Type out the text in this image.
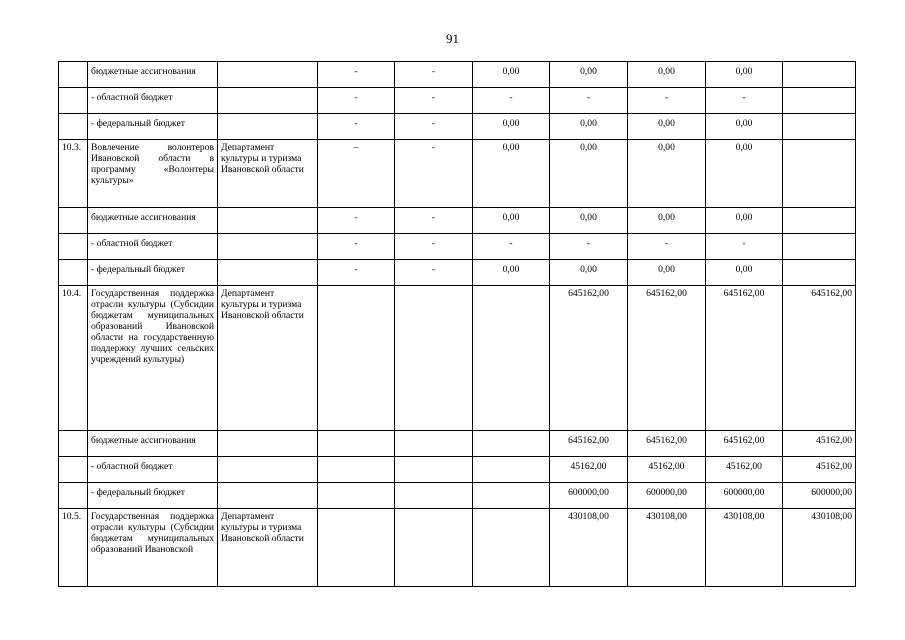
91
	бюджетные ассигнования		-	-	0,00	0,00	0,00	0,00	
	- областной бюджет		-	-	-	-	-	-	
	- федеральный бюджет		-	-	0,00	0,00	0,00	0,00	
10.3.	Вовлечение волонтеров Ивановской области в программу «Волонтеры культуры»	Департамент культуры и туризма Ивановской области	–	-	0,00	0,00	0,00	0,00	
	бюджетные ассигнования		-	-	0,00	0,00	0,00	0,00	
	- областной бюджет		-	-	-	-	-	-	
	- федеральный бюджет		-	-	0,00	0,00	0,00	0,00	
10.4.	Государственная поддержка отрасли культуры (Субсидии бюджетам муниципальных образований Ивановской области на государственную поддержку лучших сельских учреждений культуры)	Департамент культуры и туризма Ивановской области				645162,00	645162,00	645162,00	645162,00
	бюджетные ассигнования					645162,00	645162,00	645162,00	45162,00
	- областной бюджет					45162,00	45162,00	45162,00	45162,00
	- федеральный бюджет					600000,00	600000,00	600000,00	600000,00
10.5.	Государственная поддержка отрасли культуры (Субсидии бюджетам муниципальных образований Ивановской	Департамент культуры и туризма Ивановской области				430108,00	430108,00	430108,00	430108,00
